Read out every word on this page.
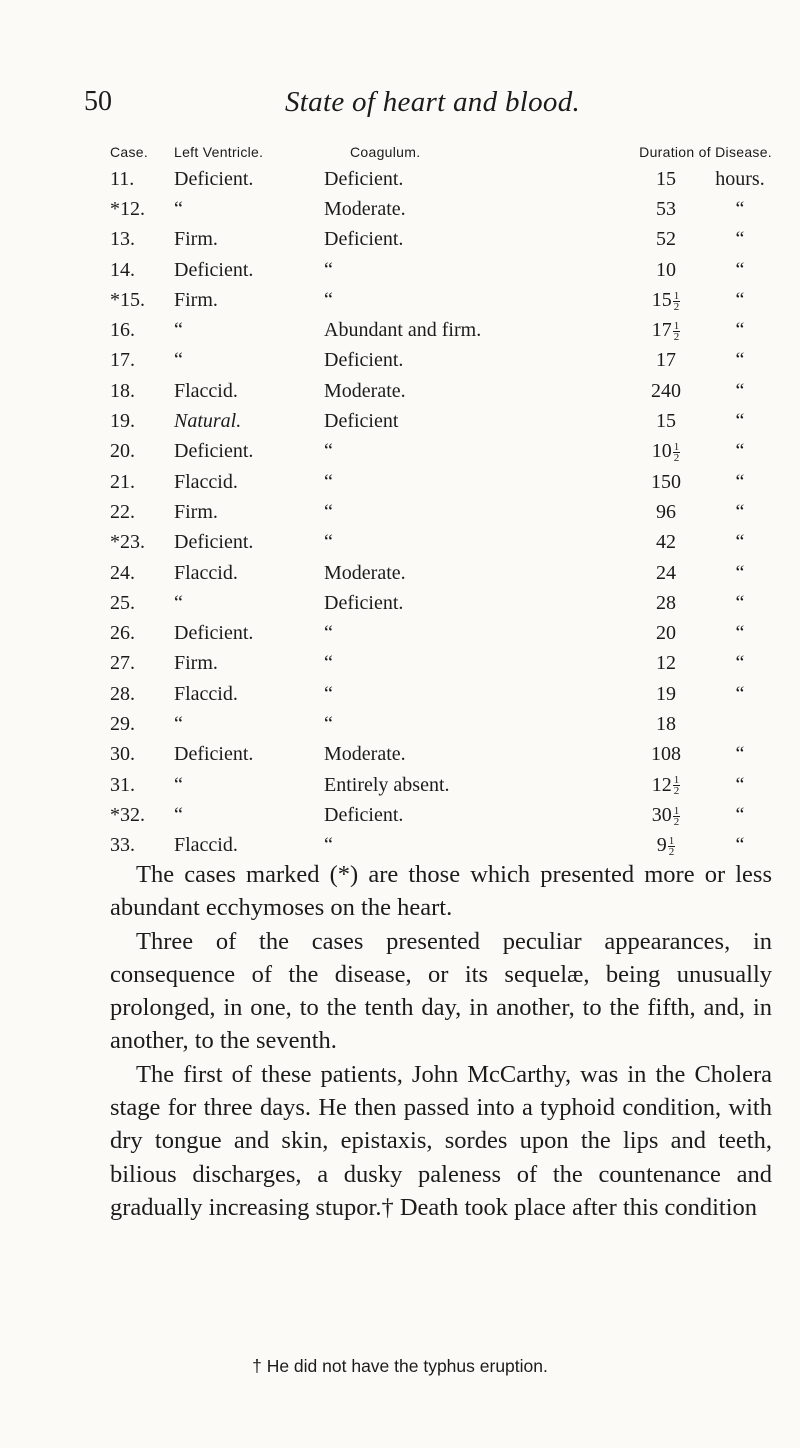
50	State of heart and blood.
Case.	Left Ventricle.	Coagulum.	Duration of Disease.
11.	Deficient.	Deficient.	15 hours.

*12.	“	Moderate.	53 “

13.	Firm.	Deficient.	52 “

14.	Deficient.	“	10 “

*15.	Firm.	“	$15 \frac{1}{2}$ “

16.	“	Abundant and firm.	$17 \frac{1}{2}$ “

17.	“	Deficient.	17 “

18.	Flaccid.	Moderate.	240 “

19.	Natural.	Deficient	15 “

20.	Deficient.	“	$10 \frac{1}{2}$ “

21.	Flaccid.	“	150 “

22.	Firm.	“	96 “

*23.	Deficient.	“	42 “

24.	Flaccid.	Moderate.	24 “

25.	“	Deficient.	28 “

26.	Deficient.	“	20 “

27.	Firm.	“	12 “

28.	Flaccid.	“	19 “

29.	“	“	18

30.	Deficient.	Moderate.	108 “

31.	“	Entirely absent.	$12 \frac{1}{2}$ “

*32.	“	Deficient.	$30 \frac{1}{2}$ “

33.	Flaccid.	“	$9 \frac{1}{2}$ “

The cases marked (*) are those which presented more or less abundant ecchymoses on the heart.

Three of the cases presented peculiar appearances, in consequence of the disease, or its sequelæ, being unusually prolonged, in one, to the tenth day, in another, to the fifth, and, in another, to the seventh.

The first of these patients, John McCarthy, was in the Cholera stage for three days. He then passed into a typhoid condition, with dry tongue and skin, epistaxis, sordes upon the lips and teeth, bilious discharges, a dusky paleness of the countenance and gradually increasing stupor.† Death took place after this condition

† He did not have the typhus eruption.
